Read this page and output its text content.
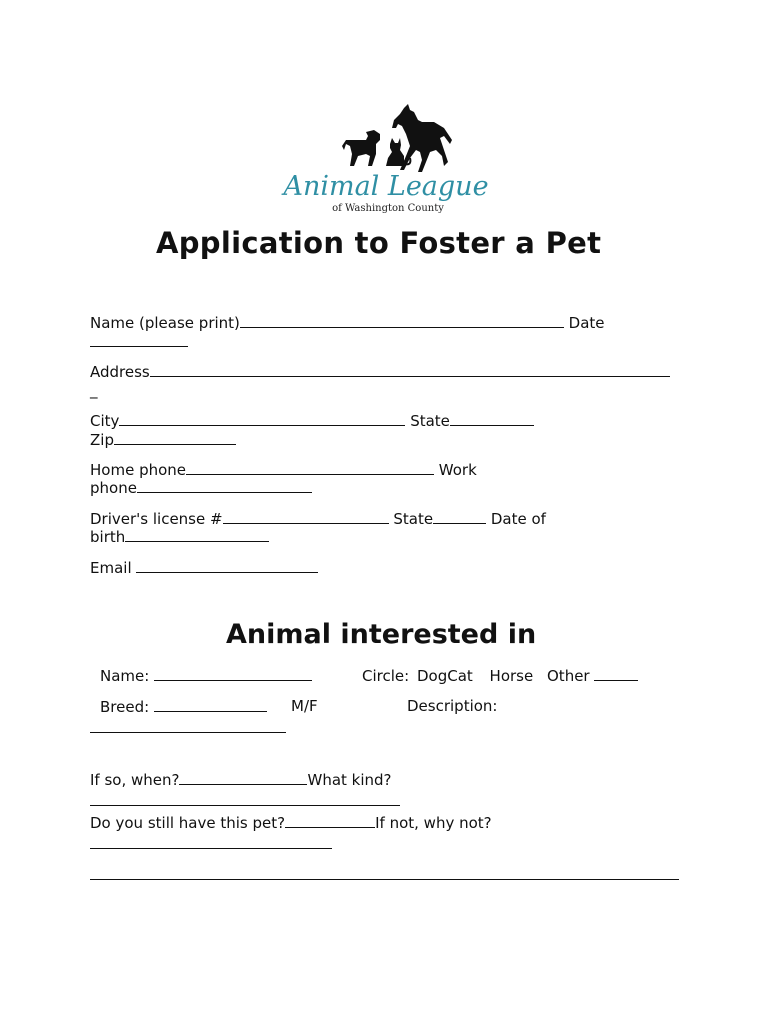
Animal League
of Washington County
Application to Foster a Pet
Name (please print)	Date
Address
_
City	State
Zip
Home phone	Work
phone
Driver's license #	State	Date of
birth
Email
Animal interested in
Name:	Circle: DogCat Horse Other
Breed:	M/F	Description:
If so, when?	What kind?
Do you still have this pet?	If not, why not?
